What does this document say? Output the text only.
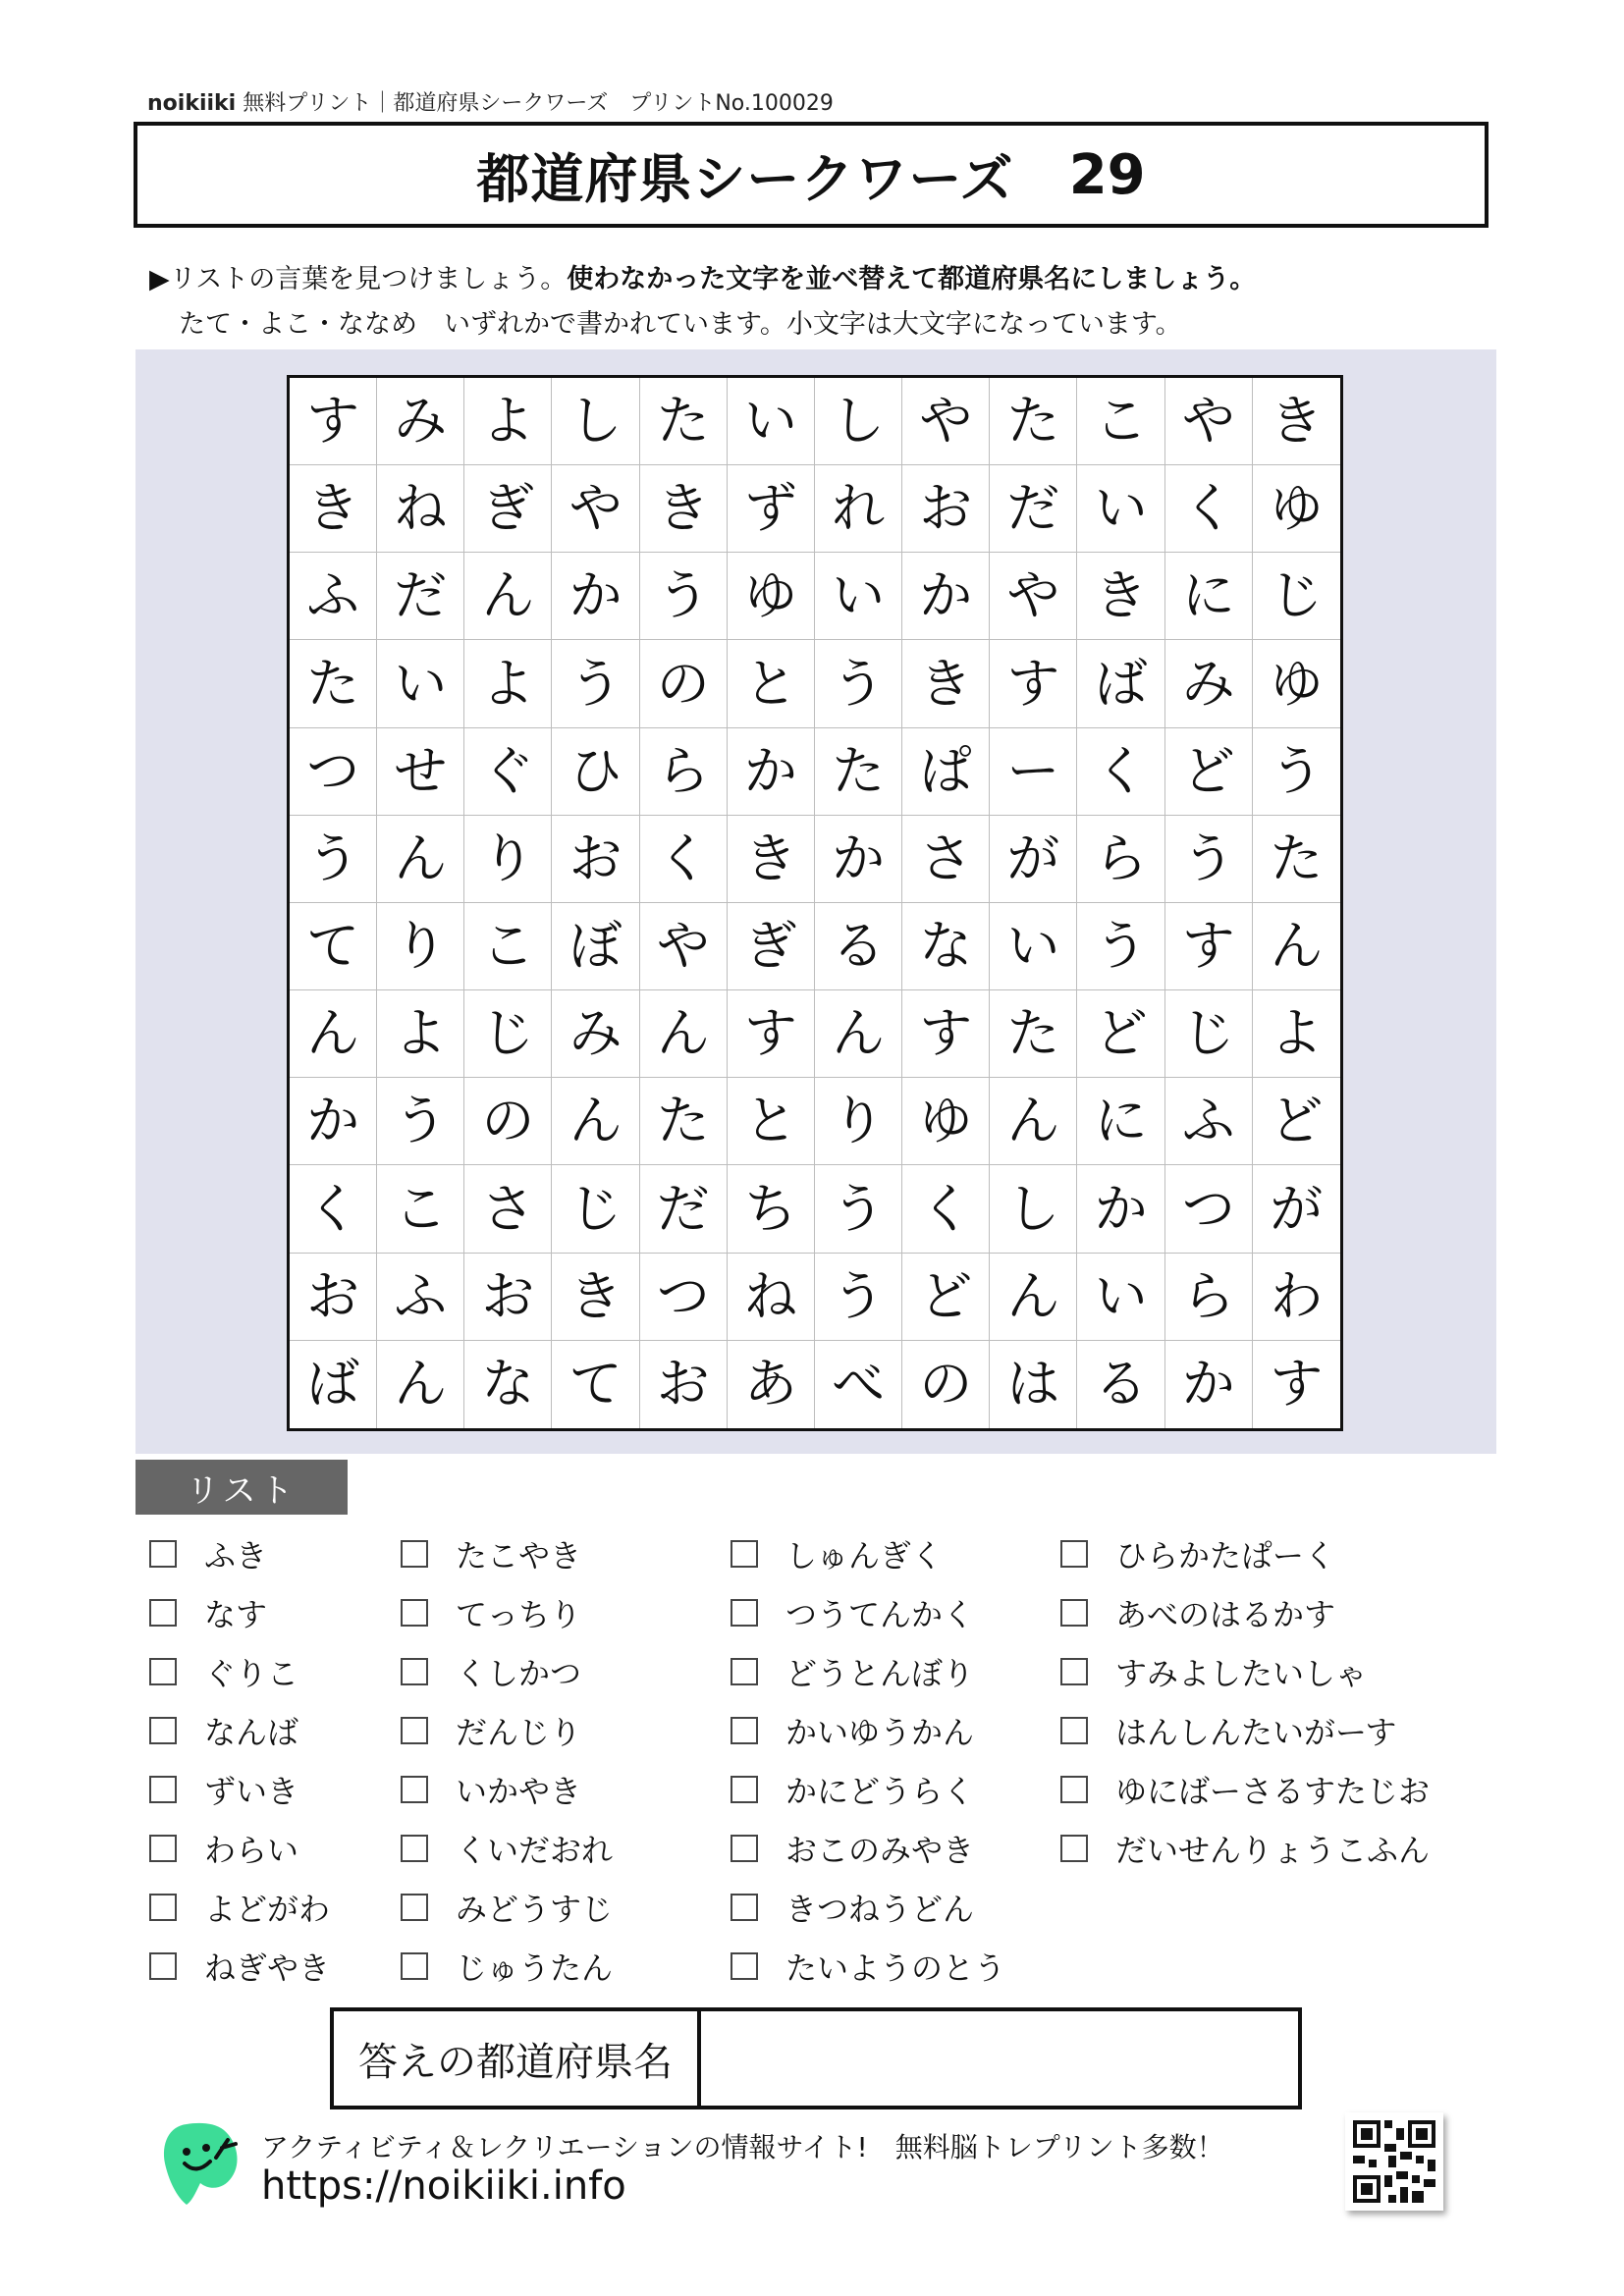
noikiiki 無料プリント｜都道府県シークワーズ　プリントNo.100029
都道府県シークワーズ 29
▶リストの言葉を見つけましょう。使わなかった文字を並べ替えて都道府県名にしましょう。
たて・よこ・ななめ　いずれかで書かれています。小文字は大文字になっています。
す み よ し た い し や た こ や き
き ね ぎ や き ず れ お だ い く ゆ
ふ だ ん か う ゆ い か や き に じ
た い よ う の と う き す ば み ゆ
つ せ ぐ ひ ら か た ぱ ー く ど う
う ん り お く き か さ が ら う た
て り こ ぼ や ぎ る な い う す ん
ん よ じ み ん す ん す た ど じ よ
か う の ん た と り ゆ ん に ふ ど
く こ さ じ だ ち う く し か つ が
お ふ お き つ ね う ど ん い ら わ
ば ん な て お あ べ の は る か す
リスト
ふき
なす
ぐりこ
なんば
ずいき
わらい
よどがわ
ねぎやき
たこやき
てっちり
くしかつ
だんじり
いかやき
くいだおれ
みどうすじ
じゅうたん
しゅんぎく
つうてんかく
どうとんぼり
かいゆうかん
かにどうらく
おこのみやき
きつねうどん
たいようのとう
ひらかたぱーく
あべのはるかす
すみよしたいしゃ
はんしんたいがーす
ゆにばーさるすたじお
だいせんりょうこふん
答えの都道府県名
アクティビティ＆レクリエーションの情報サイト!　無料脳トレプリント多数！
https://noikiiki.info
